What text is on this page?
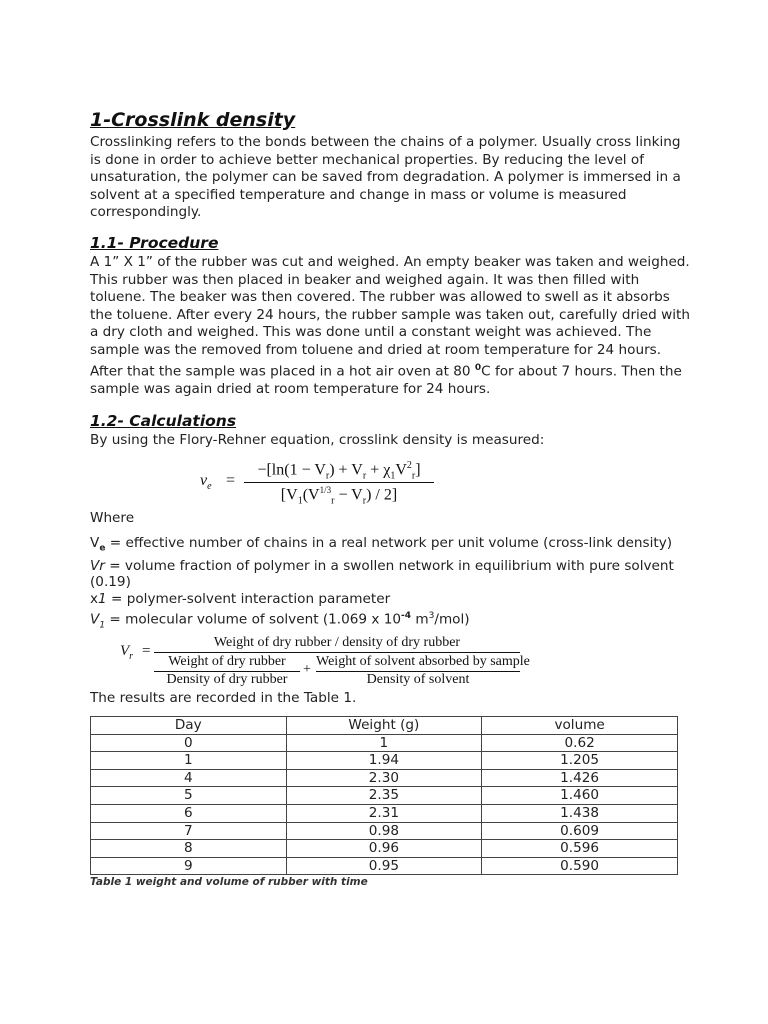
1-Crosslink density

Crosslinking refers to the bonds between the chains of a polymer. Usually cross linking is done in order to achieve better mechanical properties. By reducing the level of unsaturation, the polymer can be saved from degradation. A polymer is immersed in a solvent at a specified temperature and change in mass or volume is measured correspondingly.

1.1- Procedure

A 1” X 1” of the rubber was cut and weighed. An empty beaker was taken and weighed. This rubber was then placed in beaker and weighed again. It was then filled with toluene. The beaker was then covered. The rubber was allowed to swell as it absorbs the toluene. After every 24 hours, the rubber sample was taken out, carefully dried with a dry cloth and weighed. This was done until a constant weight was achieved. The sample was the removed from toluene and dried at room temperature for 24 hours. After that the sample was placed in a hot air oven at 80 $^0$C for about 7 hours. Then the sample was again dried at room temperature for 24 hours.

1.2- Calculations

By using the Flory-Rehner equation, crosslink density is measured:

$\nu_e$ =
$-[\ln(1 - V_r) + V_r + \chi_1V^2_r]$
$[V_1(V^{1/3}_r - V_r) / 2]$

Where

$V_e$ = effective number of chains in a real network per unit volume (cross-link density)

Vr = volume fraction of polymer in a swollen network in equilibrium with pure solvent (0.19)

x1 = polymer-solvent interaction parameter

$V_1$ = molecular volume of solvent (1.069 x $10^{-4}$ $m^3/mol$)

$V_r$ =
Weight of dry rubber / density of dry rubber
Weight of dry rubber
Density of dry rubber
+
Weight of solvent absorbed by sample
Density of solvent

The results are recorded in the Table 1.

Day	Weight (g)	volume
0	1	0.62
1	1.94	1.205
4	2.30	1.426
5	2.35	1.460
6	2.31	1.438
7	0.98	0.609
8	0.96	0.596
9	0.95	0.590
Table 1 weight and volume of rubber with time
